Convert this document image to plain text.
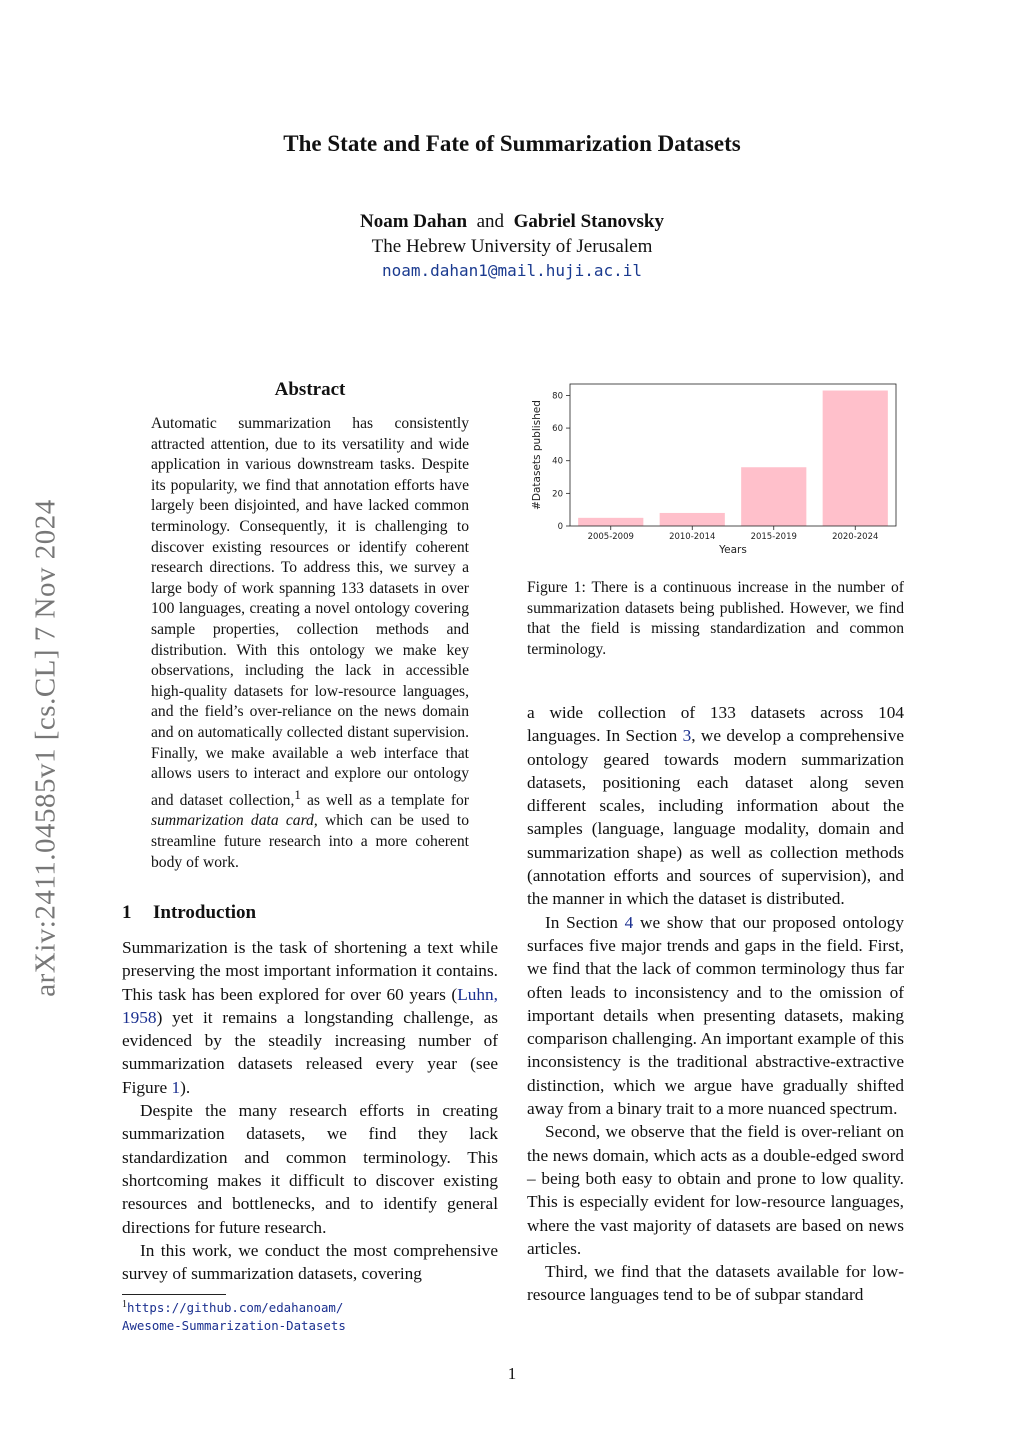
arXiv:2411.04585v1 [cs.CL] 7 Nov 2024
The State and Fate of Summarization Datasets
Noam Dahan and Gabriel Stanovsky
The Hebrew University of Jerusalem
noam.dahan1@mail.huji.ac.il
Abstract
Automatic summarization has consistently attracted attention, due to its versatility and wide application in various downstream tasks. Despite its popularity, we find that annotation efforts have largely been disjointed, and have lacked common terminology. Consequently, it is challenging to discover existing resources or identify coherent research directions. To address this, we survey a large body of work spanning 133 datasets in over 100 languages, creating a novel ontology covering sample properties, collection methods and distribution. With this ontology we make key observations, including the lack in accessible high-quality datasets for low-resource languages, and the field’s over-reliance on the news domain and on automatically collected distant supervision. Finally, we make available a web interface that allows users to interact and explore our ontology and dataset collection,$^1$ as well as a template for summarization data card, which can be used to streamline future research into a more coherent body of work.
1 Introduction

Summarization is the task of shortening a text while preserving the most important information it contains. This task has been explored for over 60 years (Luhn, 1958) yet it remains a longstanding challenge, as evidenced by the steadily increasing number of summarization datasets released every year (see Figure 1).

Despite the many research efforts in creating summarization datasets, we find they lack standardization and common terminology. This shortcoming makes it difficult to discover existing resources and bottlenecks, and to identify general directions for future research.

In this work, we conduct the most comprehensive survey of summarization datasets, covering

0
20
40
60
80
2005-2009	2010-2014	2015-2019	2020-2024
Years
#Datasets published
Figure 1: There is a continuous increase in the number of summarization datasets being published. However, we find that the field is missing standardization and common terminology.

a wide collection of 133 datasets across 104 languages. In Section 3, we develop a comprehensive ontology geared towards modern summarization datasets, positioning each dataset along seven different scales, including information about the samples (language, language modality, domain and summarization shape) as well as collection methods (annotation efforts and sources of supervision), and the manner in which the dataset is distributed.

In Section 4 we show that our proposed ontology surfaces five major trends and gaps in the field. First, we find that the lack of common terminology thus far often leads to inconsistency and to the omission of important details when presenting datasets, making comparison challenging. An important example of this inconsistency is the traditional abstractive-extractive distinction, which we argue have gradually shifted away from a binary trait to a more nuanced spectrum.

Second, we observe that the field is over-reliant on the news domain, which acts as a double-edged sword – being both easy to obtain and prone to low quality. This is especially evident for low-resource languages, where the vast majority of datasets are based on news articles.

Third, we find that the datasets available for low-resource languages tend to be of subpar standard

$^1$https://github.com/edahanoam/
Awesome-Summarization-Datasets
1
